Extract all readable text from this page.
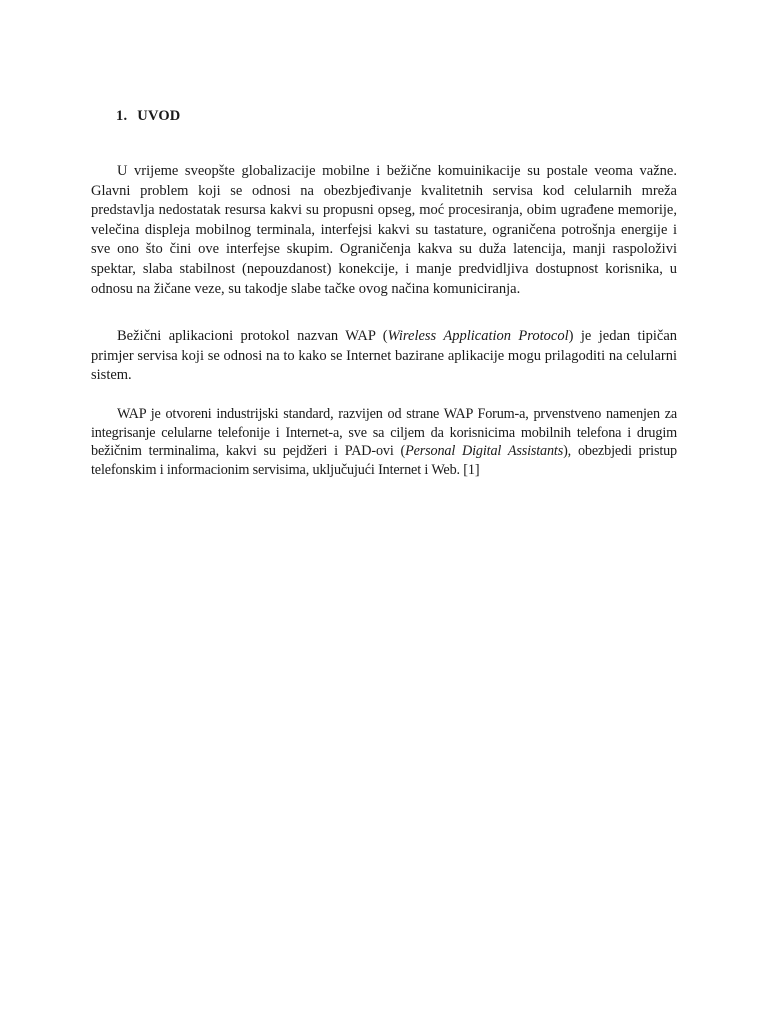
1. UVOD

U vrijeme sveopšte globalizacije mobilne i bežične komuinikacije su postale veoma važne. Glavni problem koji se odnosi na obezbjeđivanje kvalitetnih servisa kod celularnih mreža predstavlja nedostatak resursa kakvi su propusni opseg, moć procesiranja, obim ugrađene memorije, velečina displeja mobilnog terminala, interfejsi kakvi su tastature, ograničena potrošnja energije i sve ono što čini ove interfejse skupim. Ograničenja kakva su duža latencija, manji raspoloživi spektar, slaba stabilnost (nepouzdanost) konekcije, i manje predvidljiva dostupnost korisnika, u odnosu na žičane veze, su takodje slabe tačke ovog načina komuniciranja.

Bežični aplikacioni protokol nazvan WAP (Wireless Application Protocol) je jedan tipičan primjer servisa koji se odnosi na to kako se Internet bazirane aplikacije mogu prilagoditi na celularni sistem.

WAP je otvoreni industrijski standard, razvijen od strane WAP Forum-a, prvenstveno namenjen za integrisanje celularne telefonije i Internet-a, sve sa ciljem da korisnicima mobilnih telefona i drugim bežičnim terminalima, kakvi su pejdžeri i PAD-ovi (Personal Digital Assistants), obezbjedi pristup telefonskim i informacionim servisima, uključujući Internet i Web. [1]
